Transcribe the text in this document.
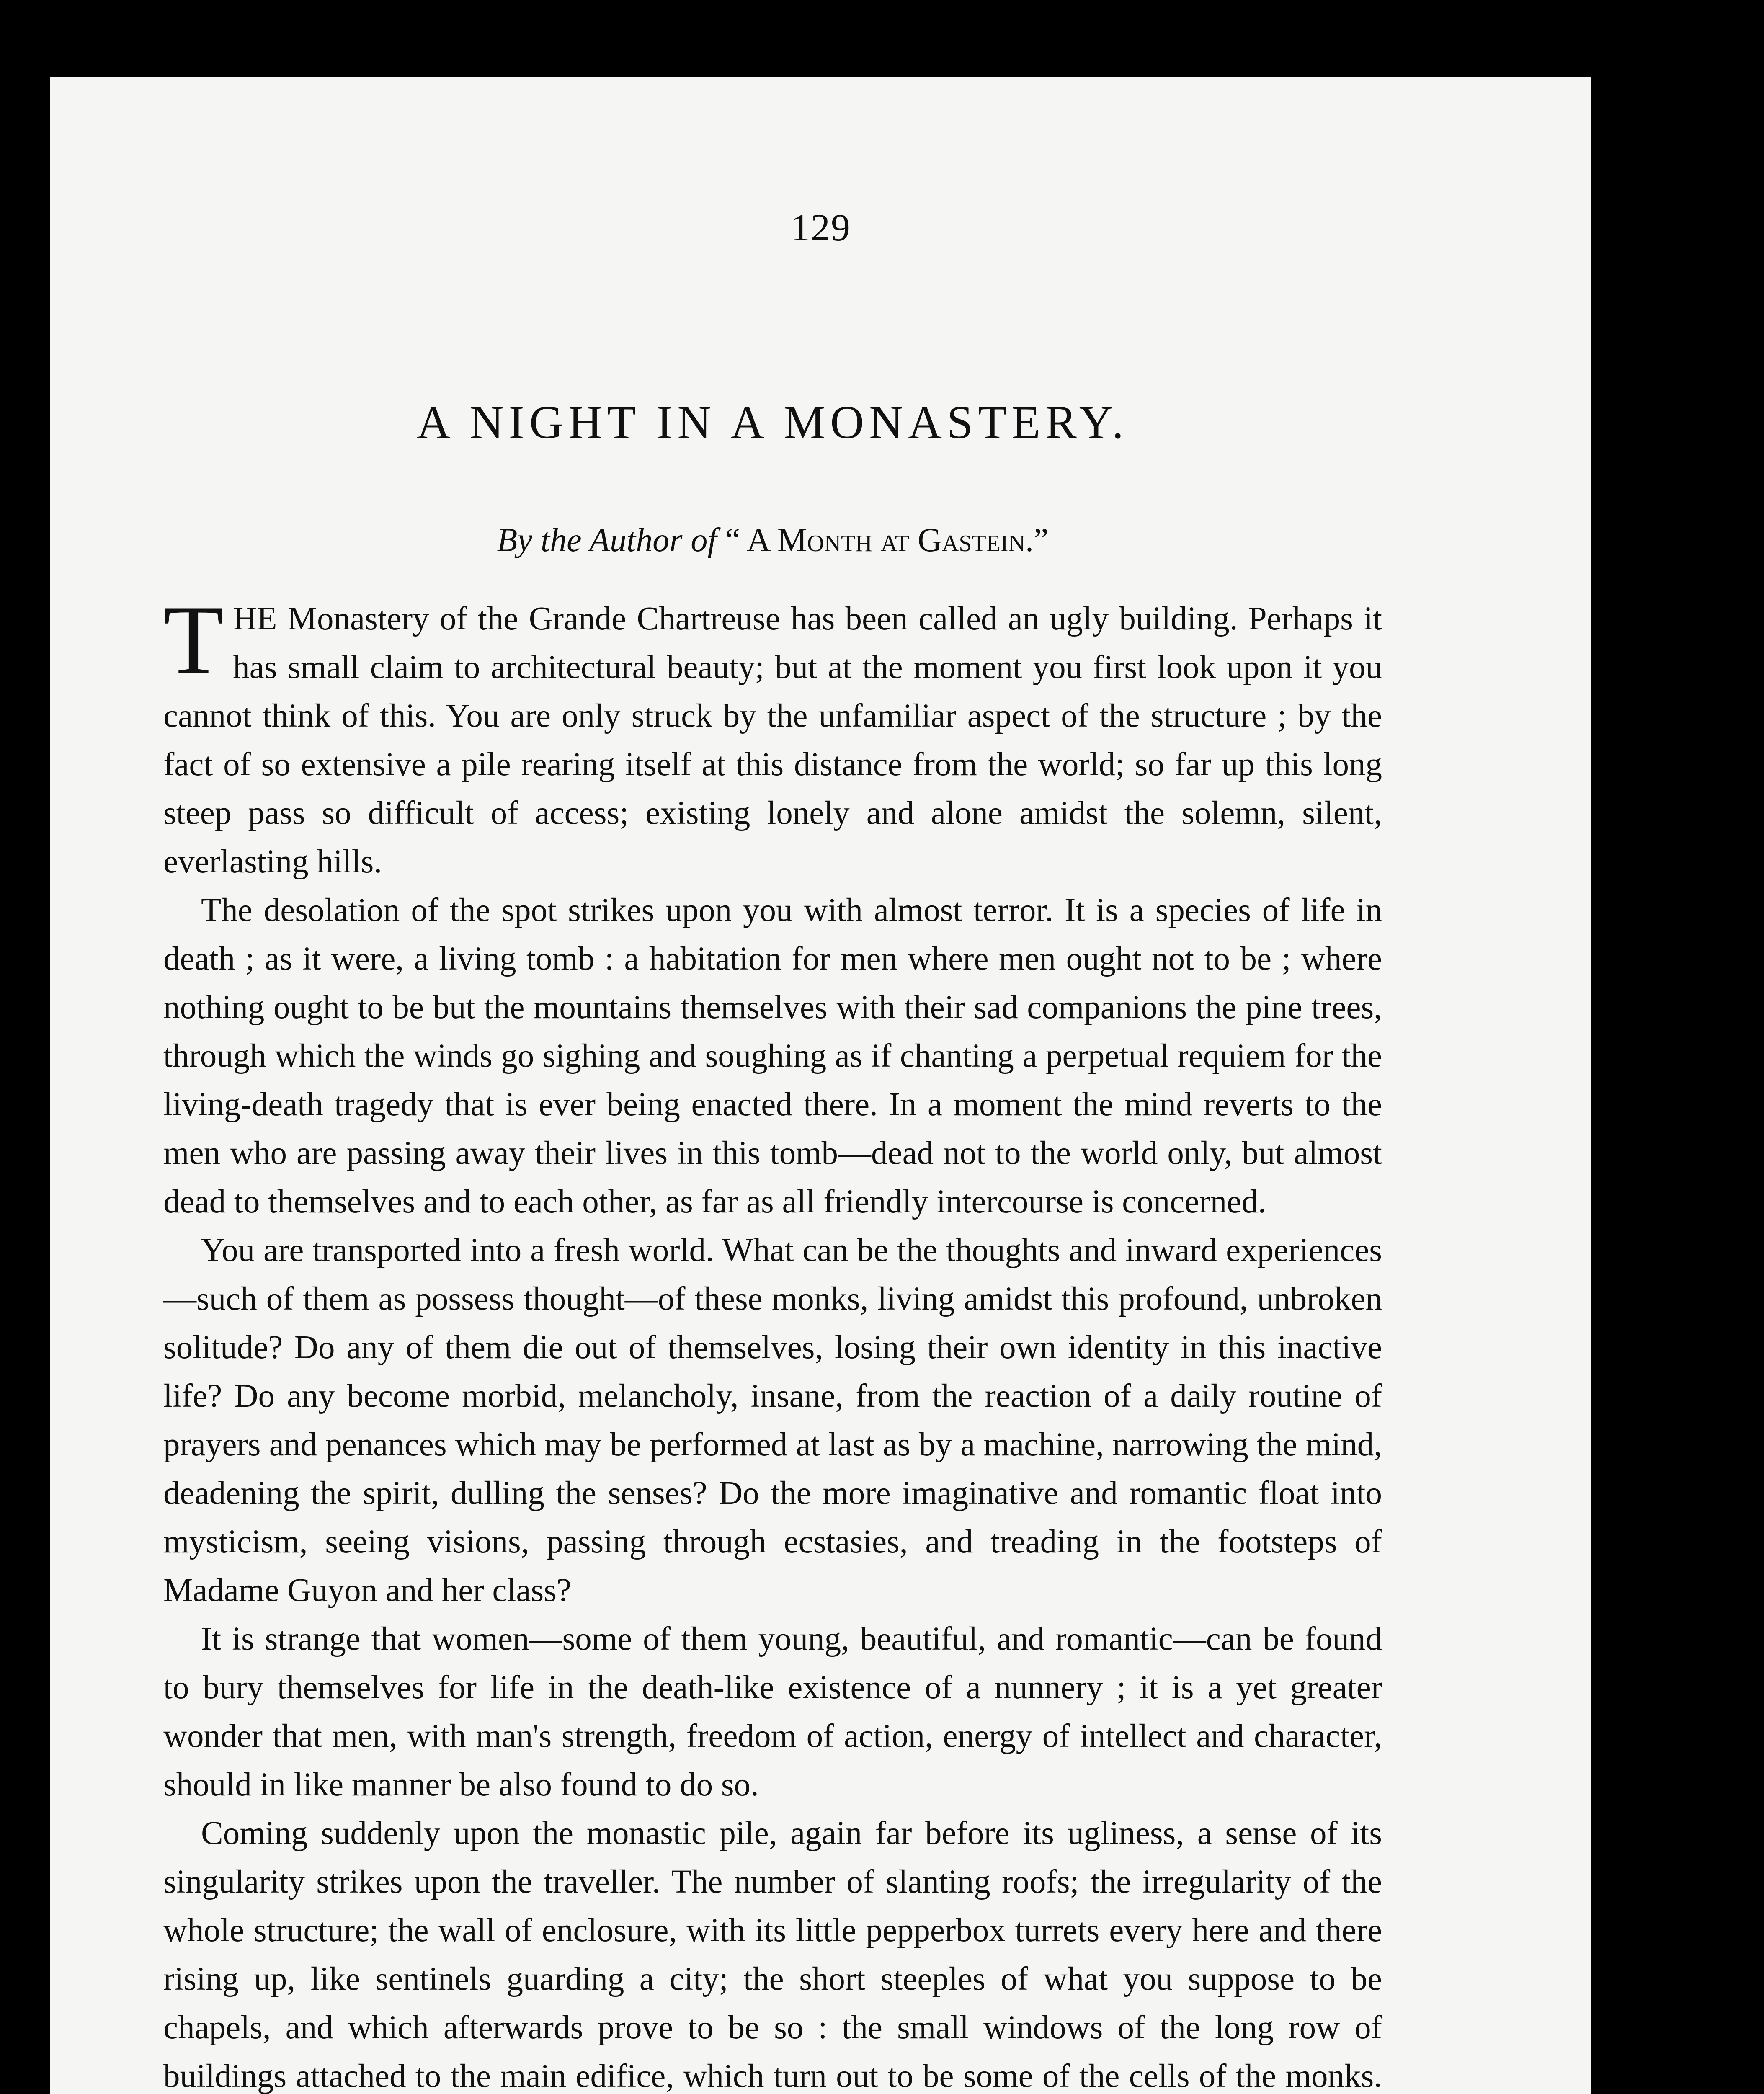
129
A NIGHT IN A MONASTERY.

By the Author of “ A Month at Gastein.”

THE Monastery of the Grande Chartreuse has been called an ugly building. Perhaps it has small claim to architectural beauty; but at the moment you first look upon it you cannot think of this. You are only struck by the unfamiliar aspect of the structure ; by the fact of so extensive a pile rearing itself at this distance from the world; so far up this long steep pass so difficult of access; existing lonely and alone amidst the solemn, silent, everlasting hills.

The desolation of the spot strikes upon you with almost terror. It is a species of life in death ; as it were, a living tomb : a habitation for men where men ought not to be ; where nothing ought to be but the mountains themselves with their sad companions the pine trees, through which the winds go sighing and soughing as if chanting a perpetual requiem for the living-death tragedy that is ever being enacted there. In a moment the mind reverts to the men who are passing away their lives in this tomb—dead not to the world only, but almost dead to themselves and to each other, as far as all friendly intercourse is concerned.

You are transported into a fresh world. What can be the thoughts and inward experiences—such of them as possess thought—of these monks, living amidst this profound, unbroken solitude? Do any of them die out of themselves, losing their own identity in this inactive life? Do any become morbid, melancholy, insane, from the reaction of a daily routine of prayers and penances which may be performed at last as by a machine, narrowing the mind, deadening the spirit, dulling the senses? Do the more imaginative and romantic float into mysticism, seeing visions, passing through ecstasies, and treading in the footsteps of Madame Guyon and her class?

It is strange that women—some of them young, beautiful, and romantic—can be found to bury themselves for life in the death-like existence of a nunnery ; it is a yet greater wonder that men, with man's strength, freedom of action, energy of intellect and character, should in like manner be also found to do so.

Coming suddenly upon the monastic pile, again far before its ugliness, a sense of its singularity strikes upon the traveller. The number of slanting roofs; the irregularity of the whole structure; the wall of enclosure, with its little pepperbox turrets every here and there rising up, like sentinels guarding a city; the short steeples of what you suppose to be chapels, and which afterwards prove to be so : the small windows of the long row of buildings attached to the main edifice, which turn out to be some of the cells of the monks.
